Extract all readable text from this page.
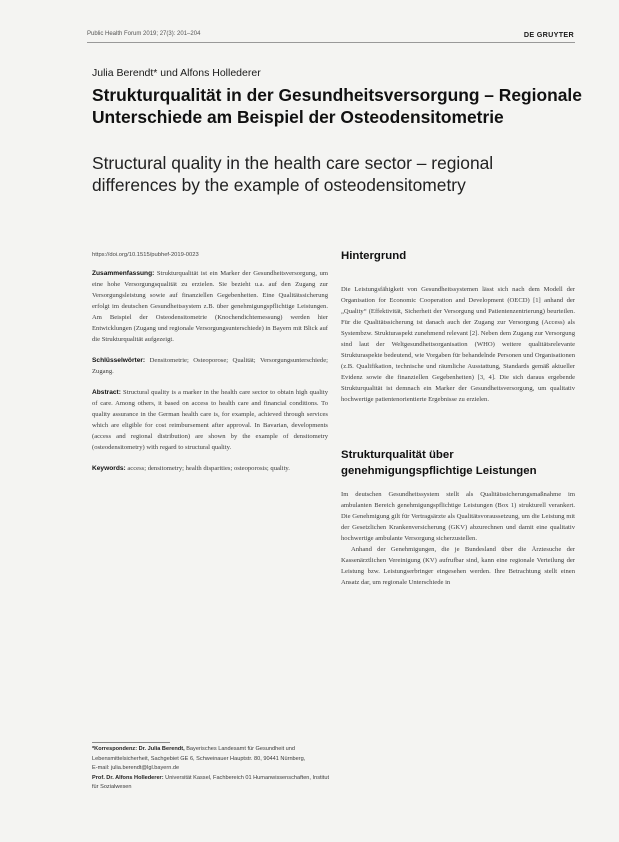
Public Health Forum 2019; 27(3): 201–204	DE GRUYTER
Julia Berendt* und Alfons Hollederer
Strukturqualität in der Gesundheitsversorgung – Regionale Unterschiede am Beispiel der Osteodensitometrie
Structural quality in the health care sector – regional differences by the example of osteodensitometry
https://doi.org/10.1515/pubhef-2019-0023

Zusammenfassung: Strukturqualität ist ein Marker der Gesundheitsversorgung, um eine hohe Versorgungsqualität zu erzielen. Sie bezieht u.a. auf den Zugang zur Versorgungsleistung sowie auf finanziellen Gegebenheiten. Eine Qualitätssicherung erfolgt im deutschen Gesundheitssystem z.B. über genehmigungspflichtige Leistungen. Am Beispiel der Osteodensitometrie (Knochendichtemessung) werden hier Entwicklungen (Zugang und regionale Versorgungsunterschiede) in Bayern mit Blick auf die Strukturqualität aufgezeigt.

Schlüsselwörter: Densitometrie; Osteoporose; Qualität; Versorgungsunterschiede; Zugang.

Abstract: Structural quality is a marker in the health care sector to obtain high quality of care. Among others, it based on access to health care and financial conditions. To quality assurance in the German health care is, for example, achieved through services which are eligible for cost reimbursement after approval. In Bavarian, developments (access and regional distribution) are shown by the example of densitometry (osteodensitometry) with regard to structural quality.

Keywords: access; densitometry; health disparities; osteoporosis; quality.

*Korrespondenz: Dr. Julia Berendt, Bayerisches Landesamt für Gesundheit und Lebensmittelsicherheit, Sachgebiet GE 6, Schweinauer Hauptstr. 80, 90441 Nürnberg,

E-mail: julia.berendt@lgl.bayern.de

Prof. Dr. Alfons Hollederer: Universität Kassel, Fachbereich 01 Humanwissenschaften, Institut für Sozialwesen

Hintergrund

Die Leistungsfähigkeit von Gesundheitssystemen lässt sich nach dem Modell der Organisation for Economic Cooperation and Development (OECD) [1] anhand der „Quality“ (Effektivität, Sicherheit der Versorgung und Patientenzentrierung) beurteilen. Für die Qualitätssicherung ist danach auch der Zugang zur Versorgung (Access) als Systembzw. Strukturaspekt zunehmend relevant [2]. Neben dem Zugang zur Versorgung sind laut der Weltgesundheitsorganisation (WHO) weitere qualitätsrelevante Strukturaspekte bedeutend, wie Vorgaben für behandelnde Personen und Organisationen (z.B. Qualifikation, technische und räumliche Ausstattung, Standards gemäß aktueller Evidenz sowie die finanziellen Gegebenheiten) [3, 4]. Die sich daraus ergebende Strukturqualität ist demnach ein Marker der Gesundheitsversorgung, um qualitativ hochwertige patientenorientierte Ergebnisse zu erzielen.

Strukturqualität über genehmigungspflichtige Leistungen

Im deutschen Gesundheitssystem stellt als Qualitätssicherungsmaßnahme im ambulanten Bereich genehmigungspflichtige Leistungen (Box 1) strukturell verankert. Die Genehmigung gilt für Vertragsärzte als Qualitätsvoraussetzung, um die Leistung mit der Gesetzlichen Krankenversicherung (GKV) abzurechnen und damit eine qualitativ hochwertige ambulante Versorgung sicherzustellen.

Anhand der Genehmigungen, die je Bundesland über die Ärztesuche der Kassenärztlichen Vereinigung (KV) aufrufbar sind, kann eine regionale Verteilung der Leistung bzw. Leistungserbringer eingesehen werden. Ihre Betrachtung stellt einen Ansatz dar, um regionale Unterschiede in
